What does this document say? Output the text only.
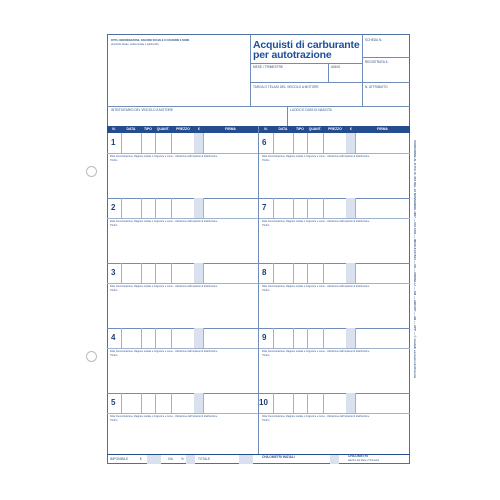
DITTA, DENOMINAZIONE, RAGIONE SOCIALE O COGNOME E NOME
(domicilio fiscale, codice fiscale o partita IVA)	Acquisti di carburante
per autotrazione
SCHEDA N.
REGISTRATA IL
N. ATTRIBUITO
MESE / TRIMESTRE	ANNO
TARGA O TELAIO DEL VEICOLO A MOTORE
INTESTATARIO DEL VEICOLO A MOTORE	LUOGO E DATA DI NASCITA
N.	DATA	TIPO	QUANT.	PREZZO	€	FIRMA	N.	DATA	TIPO	QUANT.	PREZZO	€	FIRMA
1
Ditta, Denominazione, Ragione sociale o Cognome e nome - Ubicazione dell'impianto di distribuzione
Timbro
2
Ditta, Denominazione, Ragione sociale o Cognome e nome - Ubicazione dell'impianto di distribuzione
Timbro
3
Ditta, Denominazione, Ragione sociale o Cognome e nome - Ubicazione dell'impianto di distribuzione
Timbro
4
Ditta, Denominazione, Ragione sociale o Cognome e nome - Ubicazione dell'impianto di distribuzione
Timbro
5
Ditta, Denominazione, Ragione sociale o Cognome e nome - Ubicazione dell'impianto di distribuzione
Timbro
6
Ditta, Denominazione, Ragione sociale o Cognome e nome - Ubicazione dell'impianto di distribuzione
Timbro
7
Ditta, Denominazione, Ragione sociale o Cognome e nome - Ubicazione dell'impianto di distribuzione
Timbro
8
Ditta, Denominazione, Ragione sociale o Cognome e nome - Ubicazione dell'impianto di distribuzione
Timbro
9
Ditta, Denominazione, Ragione sociale o Cognome e nome - Ubicazione dell'impianto di distribuzione
Timbro
10
Ditta, Denominazione, Ragione sociale o Cognome e nome - Ubicazione dell'impianto di distribuzione
Timbro
IMPONIBILE	€	IVA	%	TOTALE	CHILOMETRI INIZIALI	CHILOMETRI
alla fine del Mese o Trimestre
CONFORME AL D.P.R. N. 444 DEL 10 NOVEMBRE 1997 — DU 1440 — IMOD.41/C/SCI — MI — MODELLI — AM — ABC/OP — AB — APP — © modelli esclusivi dell'utente
